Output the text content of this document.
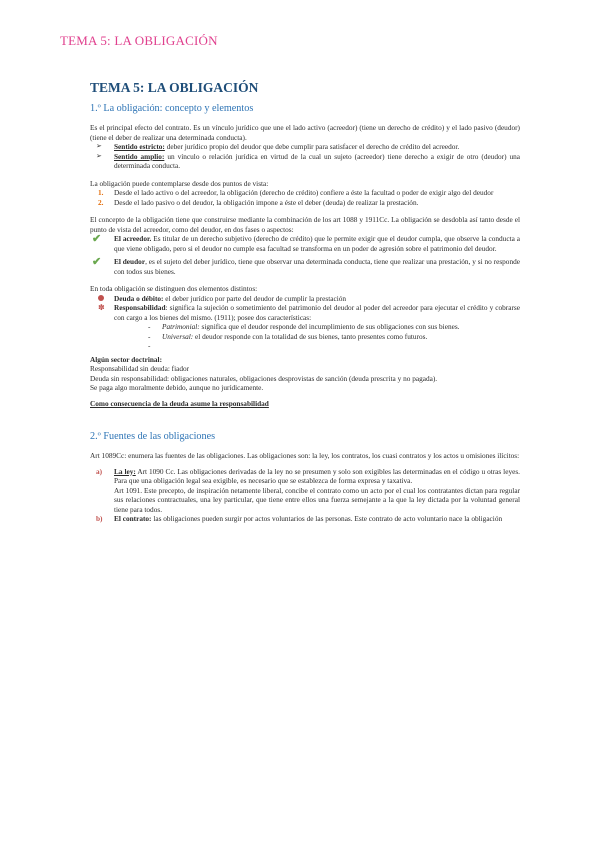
TEMA 5: LA OBLIGACIÓN
TEMA 5: LA OBLIGACIÓN
1.º La obligación: concepto y elementos

Es el principal efecto del contrato. Es un vínculo jurídico que une el lado activo (acreedor) (tiene un derecho de crédito) y el lado pasivo (deudor) (tiene el deber de realizar una determinada conducta).

➢	Sentido estricto: deber jurídico propio del deudor que debe cumplir para satisfacer el derecho de crédito del acreedor.
➢	Sentido amplio: un vínculo o relación jurídica en virtud de la cual un sujeto (acreedor) tiene derecho a exigir de otro (deudor) una determinada conducta.

La obligación puede contemplarse desde dos puntos de vista:

1.	Desde el lado activo o del acreedor, la obligación (derecho de crédito) confiere a éste la facultad o poder de exigir algo del deudor
2.	Desde el lado pasivo o del deudor, la obligación impone a éste el deber (deuda) de realizar la prestación.

El concepto de la obligación tiene que construirse mediante la combinación de los art 1088 y 1911Cc. La obligación se desdobla así tanto desde el punto de vista del acreedor, como del deudor, en dos fases o aspectos:

✔	El acreedor. Es titular de un derecho subjetivo (derecho de crédito) que le permite exigir que el deudor cumpla, que observe la conducta a que viene obligado, pero si el deudor no cumple esa facultad se transforma en un poder de agresión sobre el patrimonio del deudor.
✔	El deudor, es el sujeto del deber jurídico, tiene que observar una determinada conducta, tiene que realizar una prestación, y si no responde con todos sus bienes.

En toda obligación se distinguen dos elementos distintos:

Deuda o débito: el deber jurídico por parte del deudor de cumplir la prestación
✽	Responsabilidad: significa la sujeción o sometimiento del patrimonio del deudor al poder del acreedor para ejecutar el crédito y cobrarse con cargo a los bienes del mismo. (1911); posee dos características:
-	Patrimonial: significa que el deudor responde del incumplimiento de sus obligaciones con sus bienes.
-	Universal: el deudor responde con la totalidad de sus bienes, tanto presentes como futuros.
-

Algún sector doctrinal:

Responsabilidad sin deuda: fiador

Deuda sin responsabilidad: obligaciones naturales, obligaciones desprovistas de sanción (deuda prescrita y no pagada).

Se paga algo moralmente debido, aunque no jurídicamente.

Como consecuencia de la deuda asume la responsabilidad

2.º Fuentes de las obligaciones

Art 1089Cc: enumera las fuentes de las obligaciones. Las obligaciones son: la ley, los contratos, los cuasi contratos y los actos u omisiones ilícitos:

a)	La ley: Art 1090 Cc. Las obligaciones derivadas de la ley no se presumen y solo son exigibles las determinadas en el código u otras leyes. Para que una obligación legal sea exigible, es necesario que se establezca de forma expresa y taxativa.
Art 1091. Este precepto, de inspiración netamente liberal, concibe el contrato como un acto por el cual los contratantes dictan para regular sus relaciones contractuales, una ley particular, que tiene entre ellos una fuerza semejante a la que la ley dictada por la voluntad general tiene para todos.
b)	El contrato: las obligaciones pueden surgir por actos voluntarios de las personas. Este contrato de acto voluntario nace la obligación
